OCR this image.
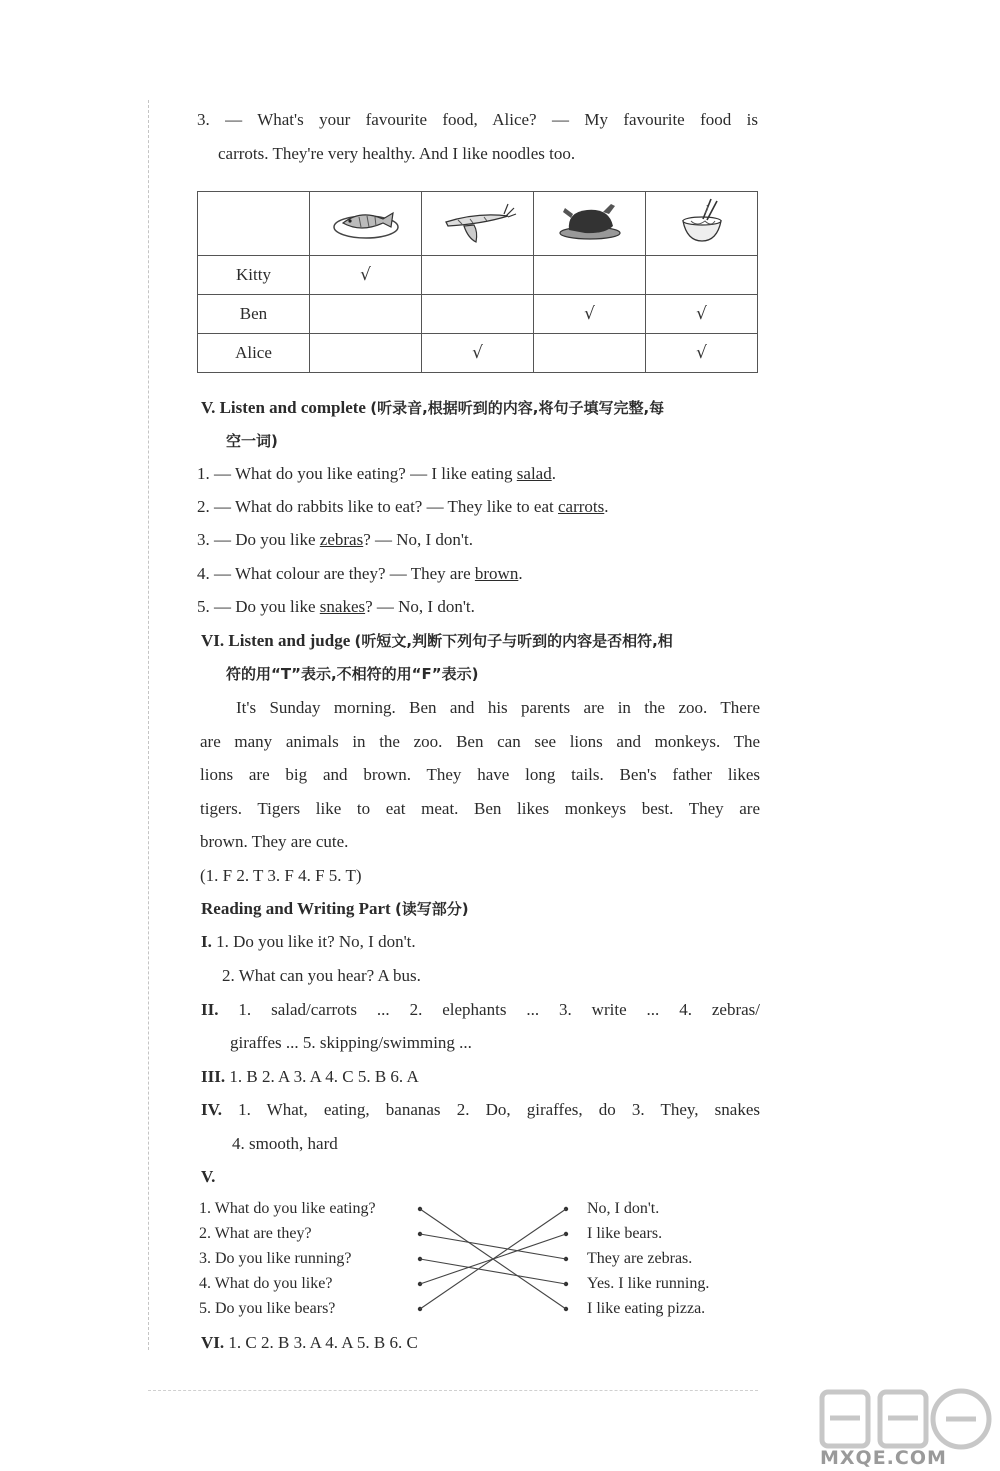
3. — What's your favourite food, Alice? — My favourite food is
carrots. They're very healthy. And I like noodles too.

Kitty	√			
Ben			√	√
Alice		√		√
V. Listen and complete (听录音,根据听到的内容,将句子填写完整,每
空一词)
1. — What do you like eating? — I like eating salad.
2. — What do rabbits like to eat? — They like to eat carrots.
3. — Do you like zebras? — No, I don't.
4. — What colour are they? — They are brown.
5. — Do you like snakes? — No, I don't.
VI. Listen and judge (听短文,判断下列句子与听到的内容是否相符,相
符的用“T”表示,不相符的用“F”表示)
It's Sunday morning. Ben and his parents are in the zoo. There
are many animals in the zoo. Ben can see lions and monkeys. The
lions are big and brown. They have long tails. Ben's father likes
tigers. Tigers like to eat meat. Ben likes monkeys best. They are
brown. They are cute.
(1. F 2. T 3. F 4. F 5. T)
Reading and Writing Part (读写部分)
I. 1. Do you like it? No, I don't.
2. What can you hear? A bus.
II. 1. salad/carrots ... 2. elephants ... 3. write ... 4. zebras/
giraffes ... 5. skipping/swimming ...
III. 1. B 2. A 3. A 4. C 5. B 6. A
IV. 1. What, eating, bananas 2. Do, giraffes, do 3. They, snakes
4. smooth, hard
V.
1. What do you like eating?
2. What are they?
3. Do you like running?
4. What do you like?
5. Do you like bears?
No, I don't.
I like bears.
They are zebras.
Yes. I like running.
I like eating pizza.
VI. 1. C 2. B 3. A 4. A 5. B 6. C
MXQE.COM
